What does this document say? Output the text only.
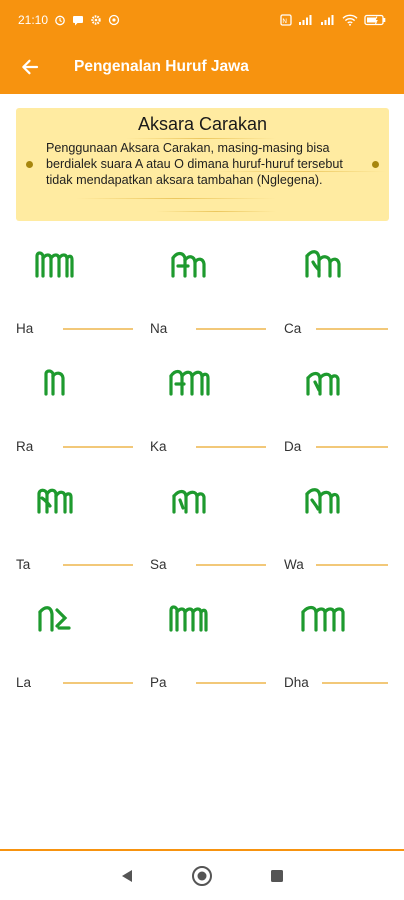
21:10	N
Pengenalan Huruf Jawa
Aksara Carakan
Penggunaan Aksara Carakan, masing-masing bisa berdialek suara A atau O dimana huruf-huruf tersebut tidak mendapatkan aksara tambahan (Nglegena).
Ha	Na	Ca
Ra	Ka	Da
Ta	Sa	Wa
La	Pa	Dha
